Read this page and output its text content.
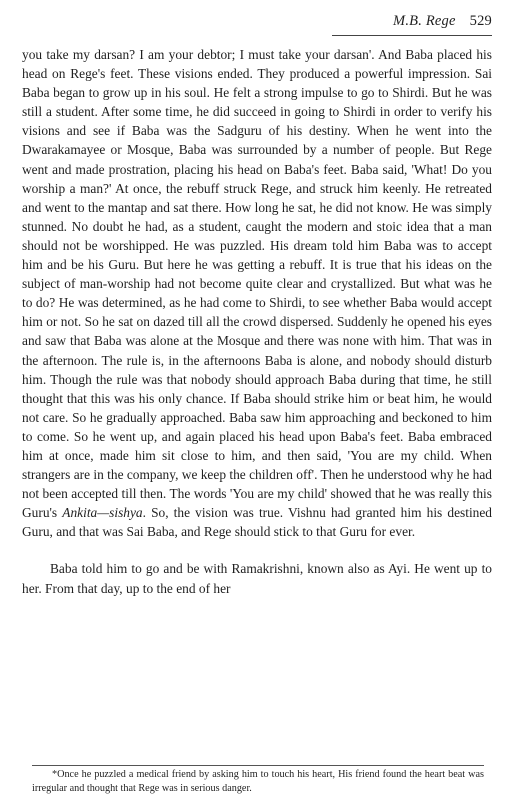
M.B. Rege 529

you take my darsan? I am your debtor; I must take your darsan'. And Baba placed his head on Rege's feet. These visions ended. They produced a powerful impression. Sai Baba began to grow up in his soul. He felt a strong impulse to go to Shirdi. But he was still a student. After some time, he did succeed in going to Shirdi in order to verify his visions and see if Baba was the Sadguru of his destiny. When he went into the Dwarakamayee or Mosque, Baba was surrounded by a number of people. But Rege went and made prostration, placing his head on Baba's feet. Baba said, 'What! Do you worship a man?' At once, the rebuff struck Rege, and struck him keenly. He retreated and went to the mantap and sat there. How long he sat, he did not know. He was simply stunned. No doubt he had, as a student, caught the modern and stoic idea that a man should not be worshipped. He was puzzled. His dream told him Baba was to accept him and be his Guru. But here he was getting a rebuff. It is true that his ideas on the subject of man-worship had not become quite clear and crystallized. But what was he to do? He was determined, as he had come to Shirdi, to see whether Baba would accept him or not. So he sat on dazed till all the crowd dispersed. Suddenly he opened his eyes and saw that Baba was alone at the Mosque and there was none with him. That was in the afternoon. The rule is, in the afternoons Baba is alone, and nobody should disturb him. Though the rule was that nobody should approach Baba during that time, he still thought that this was his only chance. If Baba should strike him or beat him, he would not care. So he gradually approached. Baba saw him approaching and beckoned to him to come. So he went up, and again placed his head upon Baba's feet. Baba embraced him at once, made him sit close to him, and then said, 'You are my child. When strangers are in the company, we keep the children off'. Then he understood why he had not been accepted till then. The words 'You are my child' showed that he was really this Guru's Ankita—sishya. So, the vision was true. Vishnu had granted him his destined Guru, and that was Sai Baba, and Rege should stick to that Guru for ever.

Baba told him to go and be with Ramakrishni, known also as Ayi. He went up to her. From that day, up to the end of her

*Once he puzzled a medical friend by asking him to touch his heart, His friend found the heart beat was irregular and thought that Rege was in serious danger.
